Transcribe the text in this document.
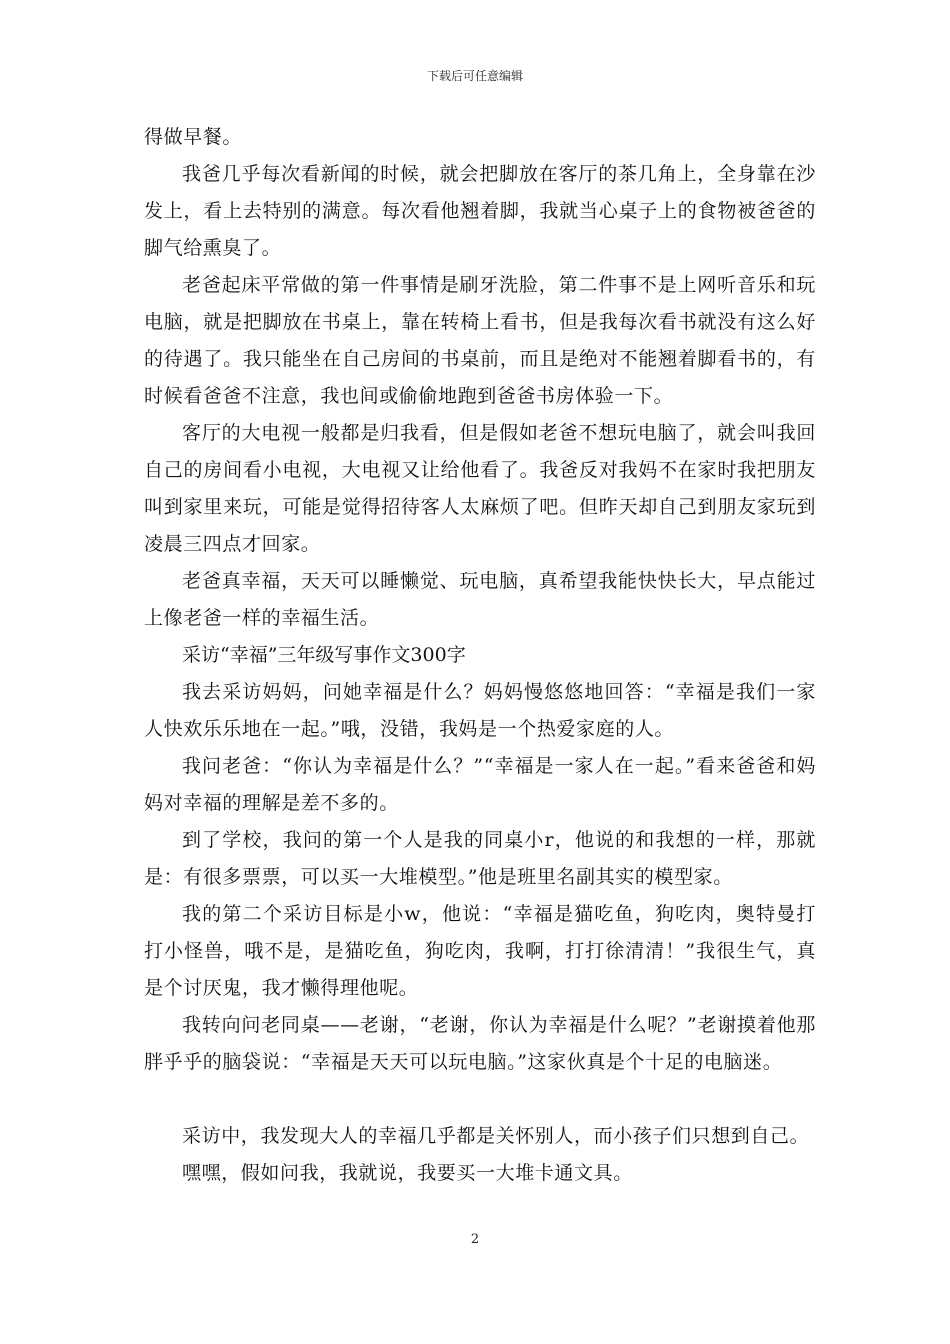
下载后可任意编辑

得做早餐。

我爸几乎每次看新闻的时候，就会把脚放在客厅的茶几角上，全身靠在沙发上，看上去特别的满意。每次看他翘着脚，我就当心桌子上的食物被爸爸的脚气给熏臭了。

老爸起床平常做的第一件事情是刷牙洗脸，第二件事不是上网听音乐和玩电脑，就是把脚放在书桌上，靠在转椅上看书，但是我每次看书就没有这么好的待遇了。我只能坐在自己房间的书桌前，而且是绝对不能翘着脚看书的，有时候看爸爸不注意，我也间或偷偷地跑到爸爸书房体验一下。

客厅的大电视一般都是归我看，但是假如老爸不想玩电脑了，就会叫我回自己的房间看小电视，大电视又让给他看了。我爸反对我妈不在家时我把朋友叫到家里来玩，可能是觉得招待客人太麻烦了吧。但昨天却自己到朋友家玩到凌晨三四点才回家。

老爸真幸福，天天可以睡懒觉、玩电脑，真希望我能快快长大，早点能过上像老爸一样的幸福生活。

采访“幸福”三年级写事作文300字

我去采访妈妈，问她幸福是什么？妈妈慢悠悠地回答：“幸福是我们一家人快欢乐乐地在一起。”哦，没错，我妈是一个热爱家庭的人。

我问老爸：“你认为幸福是什么？”“幸福是一家人在一起。”看来爸爸和妈妈对幸福的理解是差不多的。

到了学校，我问的第一个人是我的同桌小r，他说的和我想的一样，那就是：有很多票票，可以买一大堆模型。”他是班里名副其实的模型家。

我的第二个采访目标是小w，他说：“幸福是猫吃鱼，狗吃肉，奥特曼打打小怪兽，哦不是，是猫吃鱼，狗吃肉，我啊，打打徐清清！”我很生气，真是个讨厌鬼，我才懒得理他呢。

我转向问老同桌——老谢，“老谢，你认为幸福是什么呢？”老谢摸着他那胖乎乎的脑袋说：“幸福是天天可以玩电脑。”这家伙真是个十足的电脑迷。

采访中，我发现大人的幸福几乎都是关怀别人，而小孩子们只想到自己。

嘿嘿，假如问我，我就说，我要买一大堆卡通文具。

2
